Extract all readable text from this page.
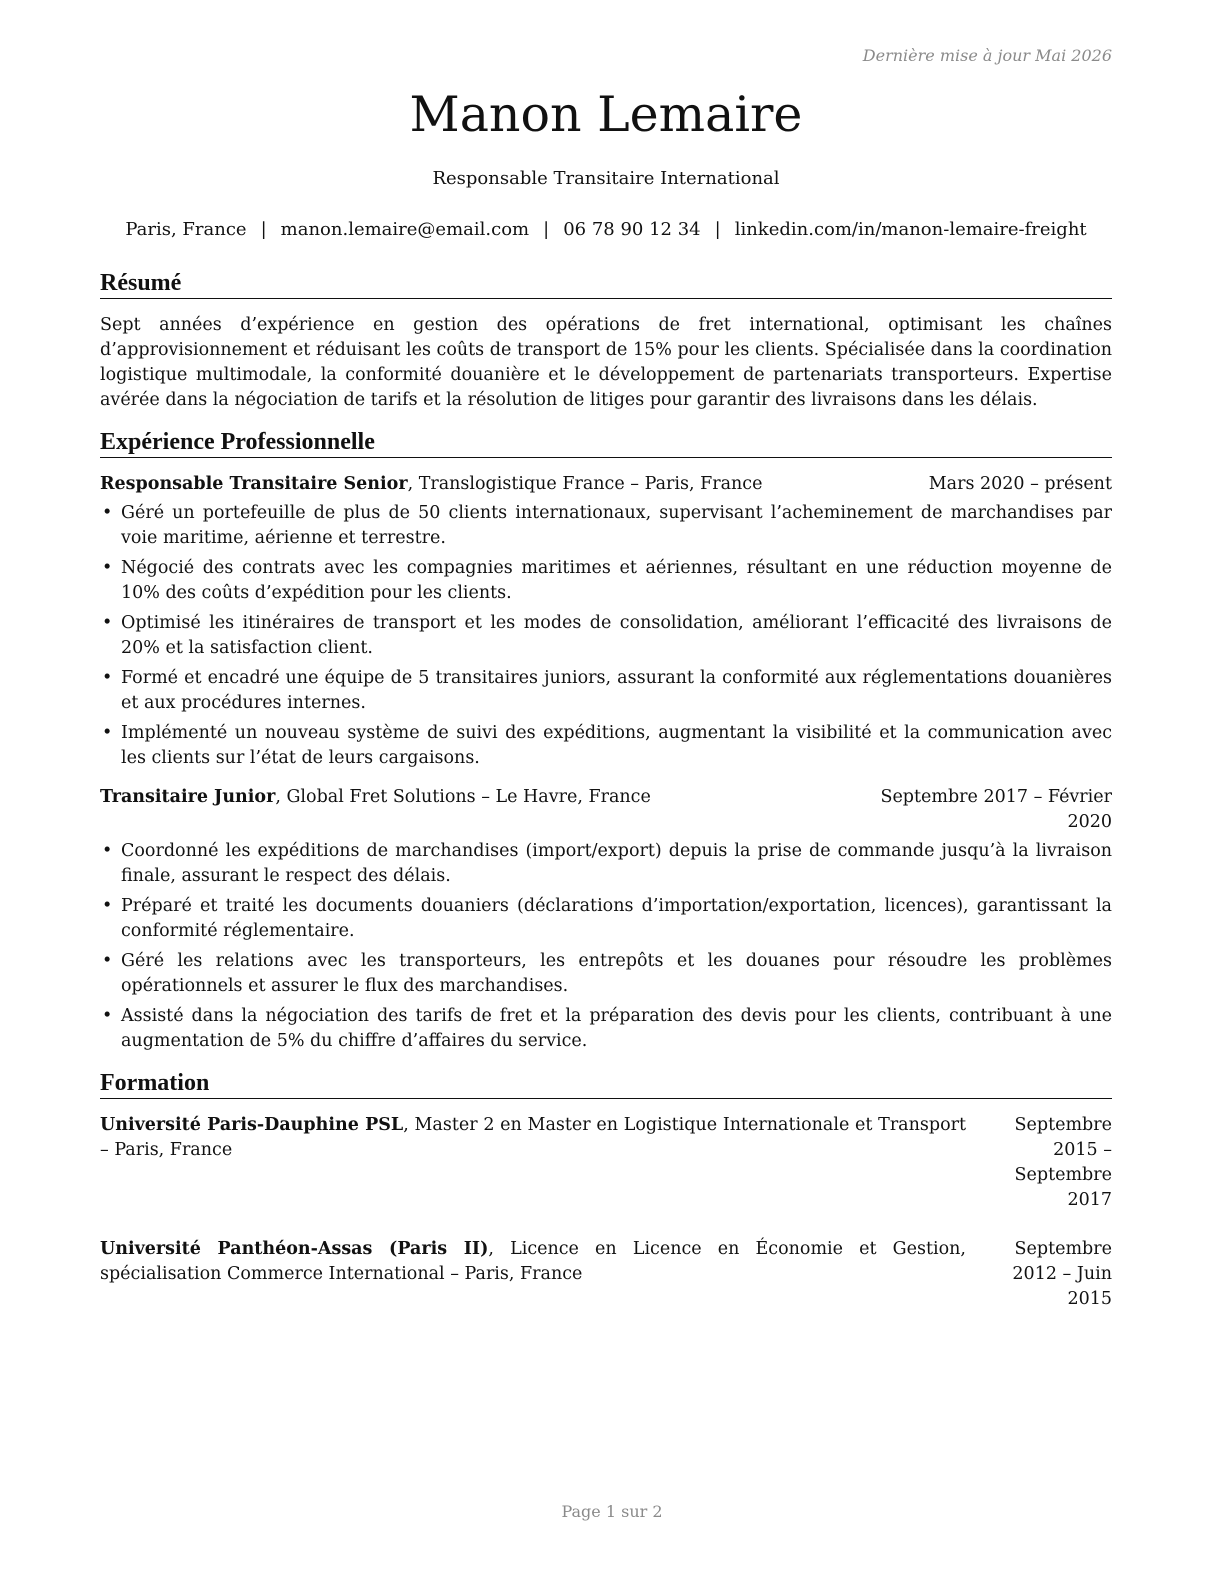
Dernière mise à jour Mai 2026
Manon Lemaire
Responsable Transitaire International
Paris, France | manon.lemaire@email.com | 06 78 90 12 34 | linkedin.com/in/manon-lemaire-freight
Résumé

Sept années d’expérience en gestion des opérations de fret international, optimisant les chaînes d’approvisionnement et réduisant les coûts de transport de 15% pour les clients. Spécialisée dans la coordination logistique multimodale, la conformité douanière et le développement de partenariats transporteurs. Expertise avérée dans la négociation de tarifs et la résolution de litiges pour garantir des livraisons dans les délais.

Expérience Professionnelle
Responsable Transitaire Senior, Translogistique France – Paris, France	Mars 2020 – présent
• Géré un portefeuille de plus de 50 clients internationaux, supervisant l’acheminement de marchandises par voie maritime, aérienne et terrestre.
• Négocié des contrats avec les compagnies maritimes et aériennes, résultant en une réduction moyenne de 10% des coûts d’expédition pour les clients.
• Optimisé les itinéraires de transport et les modes de consolidation, améliorant l’efficacité des livraisons de 20% et la satisfaction client.
• Formé et encadré une équipe de 5 transitaires juniors, assurant la conformité aux réglementations douanières et aux procédures internes.
• Implémenté un nouveau système de suivi des expéditions, augmentant la visibilité et la communication avec les clients sur l’état de leurs cargaisons.
Transitaire Junior, Global Fret Solutions – Le Havre, France	Septembre 2017 – Février 2020
• Coordonné les expéditions de marchandises (import/export) depuis la prise de commande jusqu’à la livraison finale, assurant le respect des délais.
• Préparé et traité les documents douaniers (déclarations d’importation/exportation, licences), garantissant la conformité réglementaire.
• Géré les relations avec les transporteurs, les entrepôts et les douanes pour résoudre les problèmes opérationnels et assurer le flux des marchandises.
• Assisté dans la négociation des tarifs de fret et la préparation des devis pour les clients, contribuant à une augmentation de 5% du chiffre d’affaires du service.
Formation
Université Paris-Dauphine PSL, Master 2 en Master en Logistique Internationale et Transport – Paris, France
Septembre 2015 – Septembre 2017
Université Panthéon-Assas (Paris II), Licence en Licence en Économie et Gestion, spécialisation Commerce International – Paris, France
Septembre 2012 – Juin 2015
Page 1 sur 2
